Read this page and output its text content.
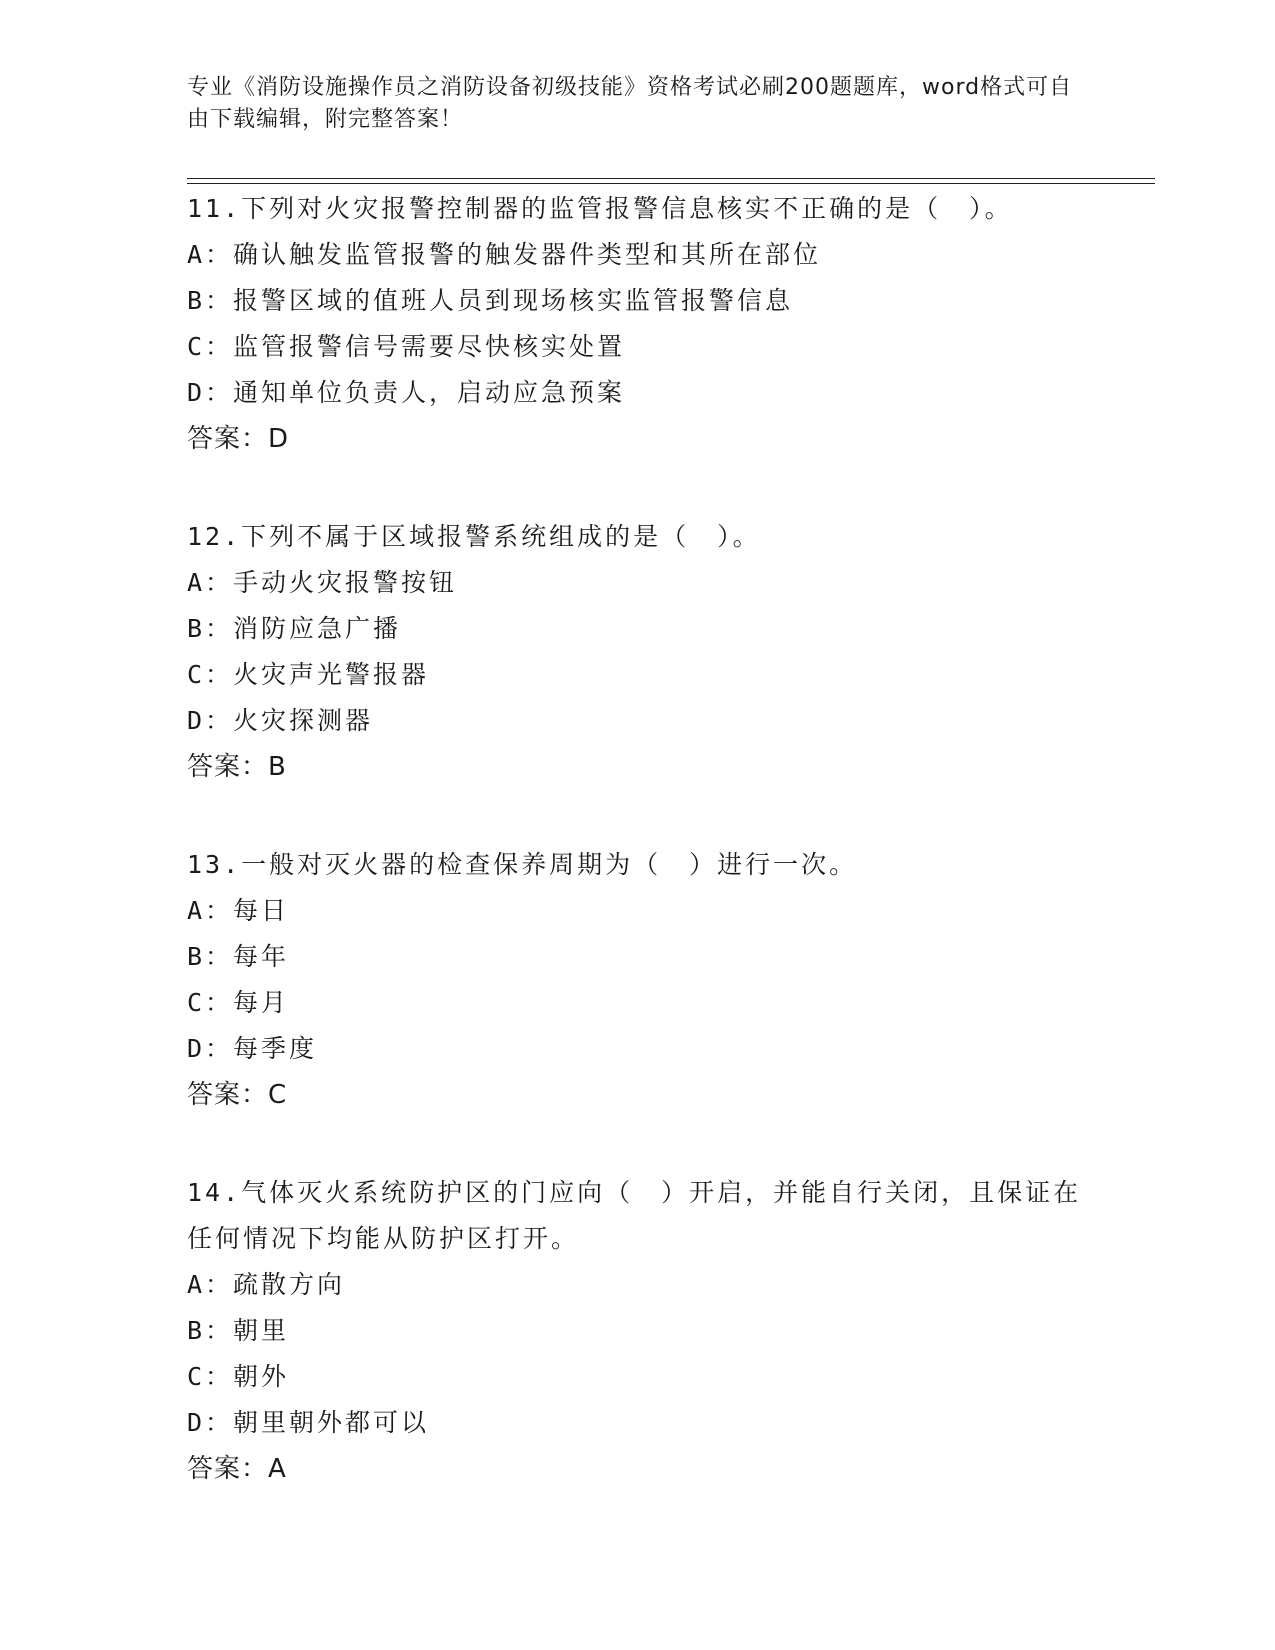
专业《消防设施操作员之消防设备初级技能》资格考试必刷200题题库，word格式可自由下载编辑，附完整答案！
11.下列对火灾报警控制器的监管报警信息核实不正确的是（　）。
A：确认触发监管报警的触发器件类型和其所在部位
B：报警区域的值班人员到现场核实监管报警信息
C：监管报警信号需要尽快核实处置
D：通知单位负责人，启动应急预案
答案：D
12.下列不属于区域报警系统组成的是（　）。
A：手动火灾报警按钮
B：消防应急广播
C：火灾声光警报器
D：火灾探测器
答案：B
13.一般对灭火器的检查保养周期为（　）进行一次。
A：每日
B：每年
C：每月
D：每季度
答案：C
14.气体灭火系统防护区的门应向（　）开启，并能自行关闭，且保证在任何情况下均能从防护区打开。
A：疏散方向
B：朝里
C：朝外
D：朝里朝外都可以
答案：A
